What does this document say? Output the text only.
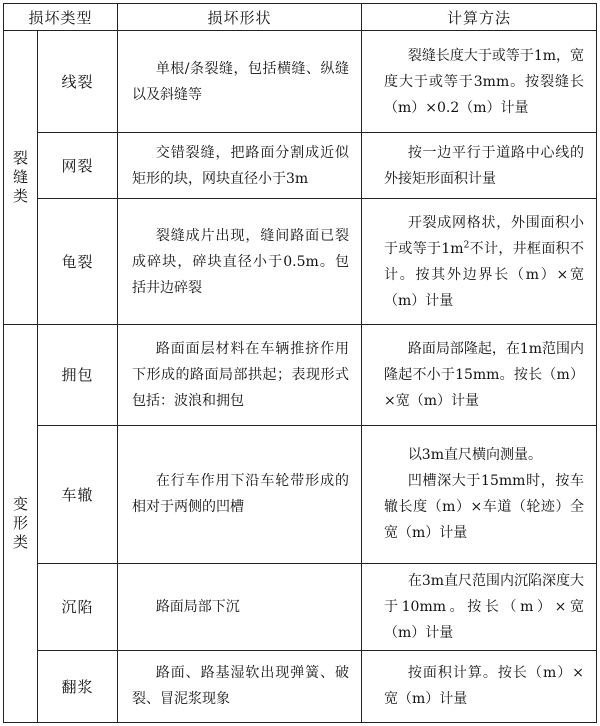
损坏类型		损坏形状	计算方法
裂缝类	线裂	单根/条裂缝，包括横缝、纵缝以及斜缝等	裂缝长度大于或等于1m，宽度大于或等于3mm。按裂缝长（m）×0.2（m）计量

	网裂	交错裂缝，把路面分割成近似矩形的块，网块直径小于3m	按一边平行于道路中心线的外接矩形面积计量

	龟裂	裂缝成片出现，缝间路面已裂成碎块，碎块直径小于0.5m。包括井边碎裂	开裂成网格状，外围面积小于或等于$1m^2$不计，井框面积不计。按其外边界长（m）×宽（m）计量

变形类	拥包	路面面层材料在车辆推挤作用下形成的路面局部拱起；表现形式包括：波浪和拥包	路面局部隆起，在1m范围内隆起不小于15mm。按长（m）×宽（m）计量

	车辙	在行车作用下沿车轮带形成的相对于两侧的凹槽	以3m直尺横向测量。
凹槽深大于15mm时，按车辙长度（m）×车道（轮迹）全宽（m）计量

	沉陷	路面局部下沉	在3m直尺范围内沉陷深度大于10mm。按长（m）×宽（m）计量

	翻浆	路面、路基湿软出现弹簧、破裂、冒泥浆现象	按面积计算。按长（m）×宽（m）计量
